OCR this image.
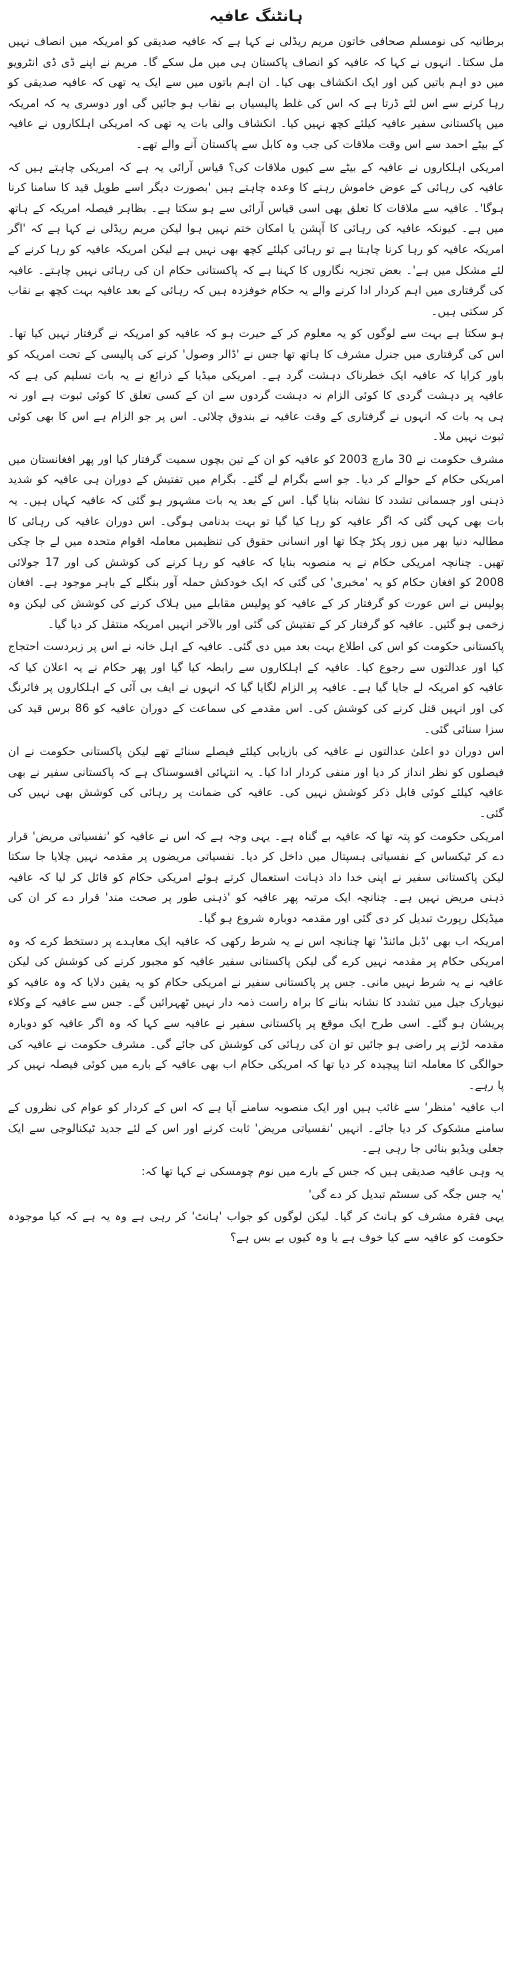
ہانٹنگ عافیہ

برطانیہ کی نومسلم صحافی خاتون مریم ریڈلی نے کہا ہے کہ عافیہ صدیقی کو امریکہ میں انصاف نہیں مل سکتا۔ انہوں نے کہا کہ عافیہ کو انصاف پاکستان ہی میں مل سکے گا۔ مریم نے اپنے ڈی ڈی انٹرویو میں دو اہم باتیں کیں اور ایک انکشاف بھی کیا۔ ان اہم باتوں میں سے ایک یہ تھی کہ عافیہ صدیقی کو رہا کرنے سے اس لئے ڈرتا ہے کہ اس کی غلط پالیسیاں بے نقاب ہو جائیں گی اور دوسری یہ کہ امریکہ میں پاکستانی سفیر عافیہ کیلئے کچھ نہیں کیا۔ انکشاف والی بات یہ تھی کہ امریکی اہلکاروں نے عافیہ کے بیٹے احمد سے اس وقت ملاقات کی جب وہ کابل سے پاکستان آنے والے تھے۔

امریکی اہلکاروں نے عافیہ کے بیٹے سے کیوں ملاقات کی؟ قیاس آرائی یہ ہے کہ امریکی چاہتے ہیں کہ عافیہ کی رہائی کے عوض خاموش رہنے کا وعدہ چاہتے ہیں 'بصورت دیگر اسے طویل قید کا سامنا کرنا ہوگا'۔ عافیہ سے ملاقات کا تعلق بھی اسی قیاس آرائی سے ہو سکتا ہے۔ بظاہر فیصلہ امریکہ کے ہاتھ میں ہے۔ کیونکہ عافیہ کی رہائی کا آپشن یا امکان ختم نہیں ہوا لیکن مریم ریڈلی نے کہا ہے کہ 'اگر امریکہ عافیہ کو رہا کرنا چاہتا ہے تو رہائی کیلئے کچھ بھی نہیں ہے لیکن امریکہ عافیہ کو رہا کرنے کے لئے مشکل میں ہے'۔ بعض تجزیہ نگاروں کا کہنا ہے کہ پاکستانی حکام ان کی رہائی نہیں چاہتے۔ عافیہ کی گرفتاری میں اہم کردار ادا کرنے والے یہ حکام خوفزدہ ہیں کہ رہائی کے بعد عافیہ بہت کچھ بے نقاب کر سکتی ہیں۔

ہو سکتا ہے بہت سے لوگوں کو یہ معلوم کر کے حیرت ہو کہ عافیہ کو امریکہ نے گرفتار نہیں کیا تھا۔ اس کی گرفتاری میں جنرل مشرف کا ہاتھ تھا جس نے 'ڈالر وصول' کرنے کی پالیسی کے تحت امریکہ کو باور کرایا کہ عافیہ ایک خطرناک دہشت گرد ہے۔ امریکی میڈیا کے ذرائع نے یہ بات تسلیم کی ہے کہ عافیہ پر دہشت گردی کا کوئی الزام نہ دہشت گردوں سے ان کے کسی تعلق کا کوئی ثبوت ہے اور نہ ہی یہ بات کہ انہوں نے گرفتاری کے وقت عافیہ نے بندوق چلائی۔ اس پر جو الزام ہے اس کا بھی کوئی ثبوت نہیں ملا۔

مشرف حکومت نے 30 مارچ 2003 کو عافیہ کو ان کے تین بچوں سمیت گرفتار کیا اور پھر افغانستان میں امریکی حکام کے حوالے کر دیا۔ جو اسے بگرام لے گئے۔ بگرام میں تفتیش کے دوران ہی عافیہ کو شدید ذہنی اور جسمانی تشدد کا نشانہ بنایا گیا۔ اس کے بعد یہ بات مشہور ہو گئی کہ عافیہ کہاں ہیں۔ یہ بات بھی کہی گئی کہ اگر عافیہ کو رہا کیا گیا تو بہت بدنامی ہوگی۔ اس دوران عافیہ کی رہائی کا مطالبہ دنیا بھر میں زور پکڑ چکا تھا اور انسانی حقوق کی تنظیمیں معاملہ اقوام متحدہ میں لے جا چکی تھیں۔ چنانچہ امریکی حکام نے یہ منصوبہ بنایا کہ عافیہ کو رہا کرنے کی کوشش کی اور 17 جولائی 2008 کو افغان حکام کو یہ 'مخبری' کی گئی کہ ایک خودکش حملہ آور بنگلے کے باہر موجود ہے۔ افغان پولیس نے اس عورت کو گرفتار کر کے عافیہ کو پولیس مقابلے میں ہلاک کرنے کی کوشش کی لیکن وہ زخمی ہو گئیں۔ عافیہ کو گرفتار کر کے تفتیش کی گئی اور بالآخر انہیں امریکہ منتقل کر دیا گیا۔

پاکستانی حکومت کو اس کی اطلاع بہت بعد میں دی گئی۔ عافیہ کے اہل خانہ نے اس پر زبردست احتجاج کیا اور عدالتوں سے رجوع کیا۔ عافیہ کے اہلکاروں سے رابطہ کیا گیا اور پھر حکام نے یہ اعلان کیا کہ عافیہ کو امریکہ لے جایا گیا ہے۔ عافیہ پر الزام لگایا گیا کہ انہوں نے ایف بی آئی کے اہلکاروں پر فائرنگ کی اور انہیں قتل کرنے کی کوشش کی۔ اس مقدمے کی سماعت کے دوران عافیہ کو 86 برس قید کی سزا سنائی گئی۔

اس دوران دو اعلیٰ عدالتوں نے عافیہ کی بازیابی کیلئے فیصلے سنائے تھے لیکن پاکستانی حکومت نے ان فیصلوں کو نظر انداز کر دیا اور منفی کردار ادا کیا۔ یہ انتہائی افسوسناک ہے کہ پاکستانی سفیر نے بھی عافیہ کیلئے کوئی قابل ذکر کوشش نہیں کی۔ عافیہ کی ضمانت پر رہائی کی کوشش بھی نہیں کی گئی۔

امریکی حکومت کو پتہ تھا کہ عافیہ بے گناہ ہے۔ یہی وجہ ہے کہ اس نے عافیہ کو 'نفسیاتی مریض' قرار دے کر ٹیکساس کے نفسیاتی ہسپتال میں داخل کر دیا۔ نفسیاتی مریضوں پر مقدمہ نہیں چلایا جا سکتا لیکن پاکستانی سفیر نے اپنی خدا داد ذہانت استعمال کرتے ہوئے امریکی حکام کو قائل کر لیا کہ عافیہ ذہنی مریض نہیں ہے۔ چنانچہ ایک مرتبہ پھر عافیہ کو 'ذہنی طور پر صحت مند' قرار دے کر ان کی میڈیکل رپورٹ تبدیل کر دی گئی اور مقدمہ دوبارہ شروع ہو گیا۔

امریکہ اب بھی 'ڈبل مائنڈ' تھا چنانچہ اس نے یہ شرط رکھی کہ عافیہ ایک معاہدے پر دستخط کرے کہ وہ امریکی حکام پر مقدمہ نہیں کرے گی لیکن پاکستانی سفیر عافیہ کو مجبور کرنے کی کوشش کی لیکن عافیہ نے یہ شرط نہیں مانی۔ جس پر پاکستانی سفیر نے امریکی حکام کو یہ یقین دلایا کہ وہ عافیہ کو نیویارک جیل میں تشدد کا نشانہ بنانے کا براہ راست ذمہ دار نہیں ٹھہرائیں گے۔ جس سے عافیہ کے وکلاء پریشان ہو گئے۔ اسی طرح ایک موقع پر پاکستانی سفیر نے عافیہ سے کہا کہ وہ اگر عافیہ کو دوبارہ مقدمہ لڑنے پر راضی ہو جائیں تو ان کی رہائی کی کوشش کی جائے گی۔ مشرف حکومت نے عافیہ کی حوالگی کا معاملہ اتنا پیچیدہ کر دیا تھا کہ امریکی حکام اب بھی عافیہ کے بارے میں کوئی فیصلہ نہیں کر پا رہے۔

اب عافیہ 'منظر' سے غائب ہیں اور ایک منصوبہ سامنے آیا ہے کہ اس کے کردار کو عوام کی نظروں کے سامنے مشکوک کر دیا جائے۔ انہیں 'نفسیاتی مریض' ثابت کرنے اور اس کے لئے جدید ٹیکنالوجی سے ایک جعلی ویڈیو بنائی جا رہی ہے۔

یہ وہی عافیہ صدیقی ہیں کہ جس کے بارے میں نوم چومسکی نے کہا تھا کہ:

'یہ جس جگہ کی سسٹم تبدیل کر دے گی'

یہی فقرہ مشرف کو ہانٹ کر گیا۔ لیکن لوگوں کو جواب 'ہانٹ' کر رہی ہے وہ یہ ہے کہ کیا موجودہ حکومت کو عافیہ سے کیا خوف ہے یا وہ کیوں بے بس ہے؟
